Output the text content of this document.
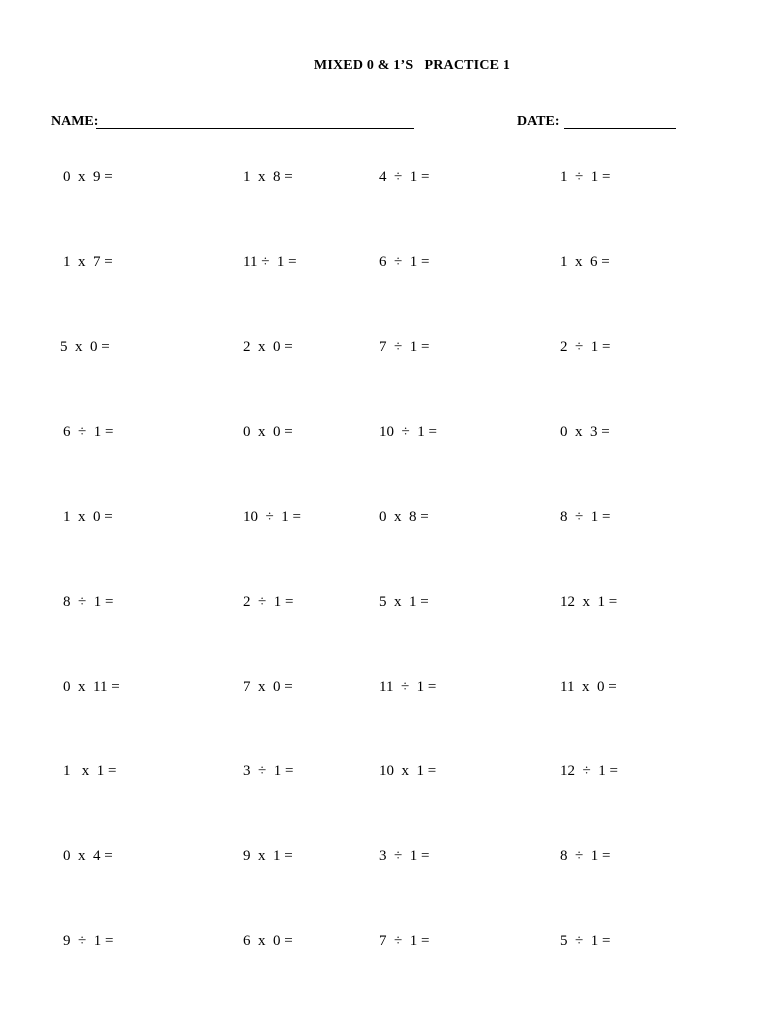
MIXED 0 & 1’S   PRACTICE 1
NAME:	DATE:
0  x  9 =	1  x  8 =	4  ÷  1 =	1  ÷  1 =
1  x  7 =	11 ÷  1 =	6  ÷  1 =	1  x  6 =
5  x  0 =	2  x  0 =	7  ÷  1 =	2  ÷  1 =
6  ÷  1 =	0  x  0 =	10  ÷  1 =	0  x  3 =
1  x  0 =	10  ÷  1 =	0  x  8 =	8  ÷  1 =
8  ÷  1 =	2  ÷  1 =	5  x  1 =	12  x  1 =
0  x  11 =	7  x  0 =	11  ÷  1 =	11  x  0 =
1   x  1 =	3  ÷  1 =	10  x  1 =	12  ÷  1 =
0  x  4 =	9  x  1 =	3  ÷  1 =	8  ÷  1 =
9  ÷  1 =	6  x  0 =	7  ÷  1 =	5  ÷  1 =
